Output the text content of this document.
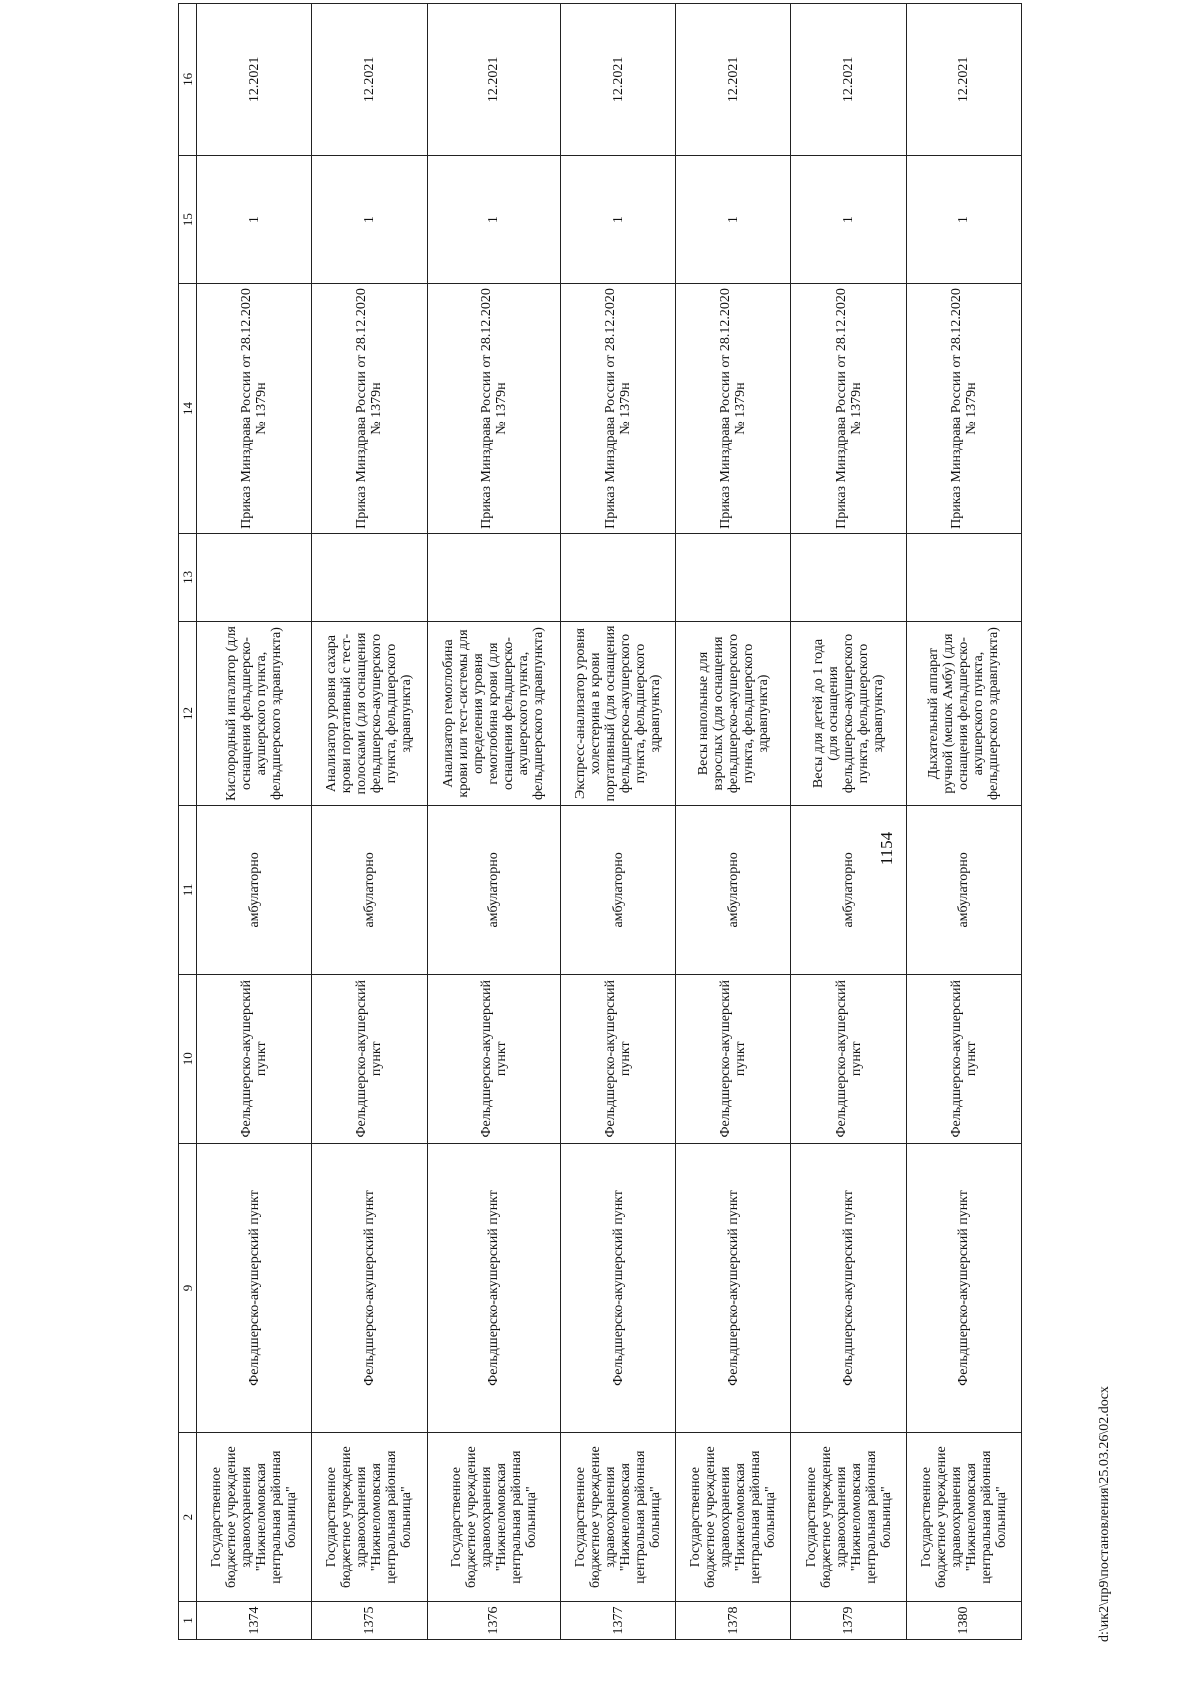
1154
1	2	9	10	11	12	13	14	15	16
1374	Государственное бюджетное учреждение здравоохранения "Нижнеломовская центральная районная больница"	Фельдшерско-акушерский пункт	Фельдшерско-акушерский пункт	амбулаторно	Кислородный ингалятор (для оснащения фельдшерско-акушерского пункта, фельдшерского здравпункта)		Приказ Минздрава России от 28.12.2020 № 1379н	1	12.2021
1375	Государственное бюджетное учреждение здравоохранения "Нижнеломовская центральная районная больница"	Фельдшерско-акушерский пункт	Фельдшерско-акушерский пункт	амбулаторно	Анализатор уровня сахара крови портативный с тест-полосками (для оснащения фельдшерско-акушерского пункта, фельдшерского здравпункта)		Приказ Минздрава России от 28.12.2020 № 1379н	1	12.2021
1376	Государственное бюджетное учреждение здравоохранения "Нижнеломовская центральная районная больница"	Фельдшерско-акушерский пункт	Фельдшерско-акушерский пункт	амбулаторно	Анализатор гемоглобина крови или тест-системы для определения уровня гемоглобина крови (для оснащения фельдшерско-акушерского пункта, фельдшерского здравпункта)		Приказ Минздрава России от 28.12.2020 № 1379н	1	12.2021
1377	Государственное бюджетное учреждение здравоохранения "Нижнеломовская центральная районная больница"	Фельдшерско-акушерский пункт	Фельдшерско-акушерский пункт	амбулаторно	Экспресс-анализатор уровня холестерина в крови портативный (для оснащения фельдшерско-акушерского пункта, фельдшерского здравпункта)		Приказ Минздрава России от 28.12.2020 № 1379н	1	12.2021
1378	Государственное бюджетное учреждение здравоохранения "Нижнеломовская центральная районная больница"	Фельдшерско-акушерский пункт	Фельдшерско-акушерский пункт	амбулаторно	Весы напольные для взрослых (для оснащения фельдшерско-акушерского пункта, фельдшерского здравпункта)		Приказ Минздрава России от 28.12.2020 № 1379н	1	12.2021
1379	Государственное бюджетное учреждение здравоохранения "Нижнеломовская центральная районная больница"	Фельдшерско-акушерский пункт	Фельдшерско-акушерский пункт	амбулаторно	Весы для детей до 1 года (для оснащения фельдшерско-акушерского пункта, фельдшерского здравпункта)		Приказ Минздрава России от 28.12.2020 № 1379н	1	12.2021
1380	Государственное бюджетное учреждение здравоохранения "Нижнеломовская центральная районная больница"	Фельдшерско-акушерский пункт	Фельдшерско-акушерский пункт	амбулаторно	Дыхательный аппарат ручной (мешок Амбу) (для оснащения фельдшерско-акушерского пункта, фельдшерского здравпункта)		Приказ Минздрава России от 28.12.2020 № 1379н	1	12.2021
d:\ик2\пр9\постановления\25.03.26\02.docx
